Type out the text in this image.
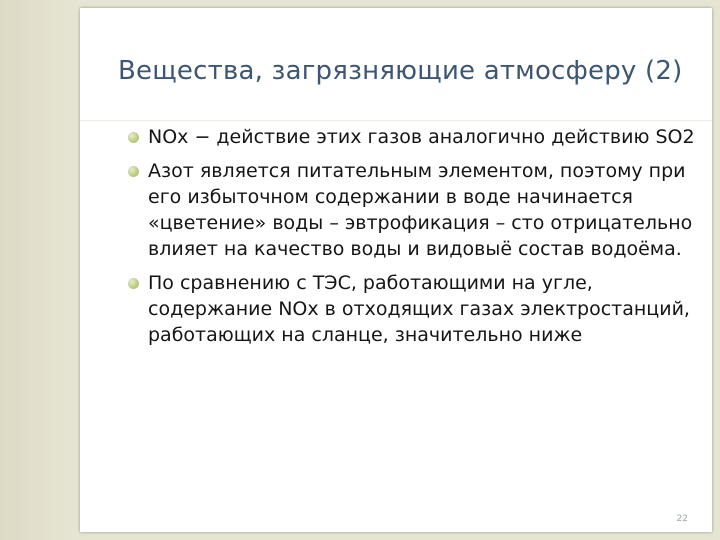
Вещества, загрязняющие атмосферу (2)
NOx − действие этих газов аналогично действию SO2
Азот является питательным элементом, поэтому при его избыточном содержании в воде начинается «цветение» воды – эвтрофикация – сто отрицательно влияет на качество воды и видовыё состав водоёма.
По сравнению с ТЭС, работающими на угле, содержание NOx в отходящих газах электростанций, работающих на сланце, значительно ниже
22
